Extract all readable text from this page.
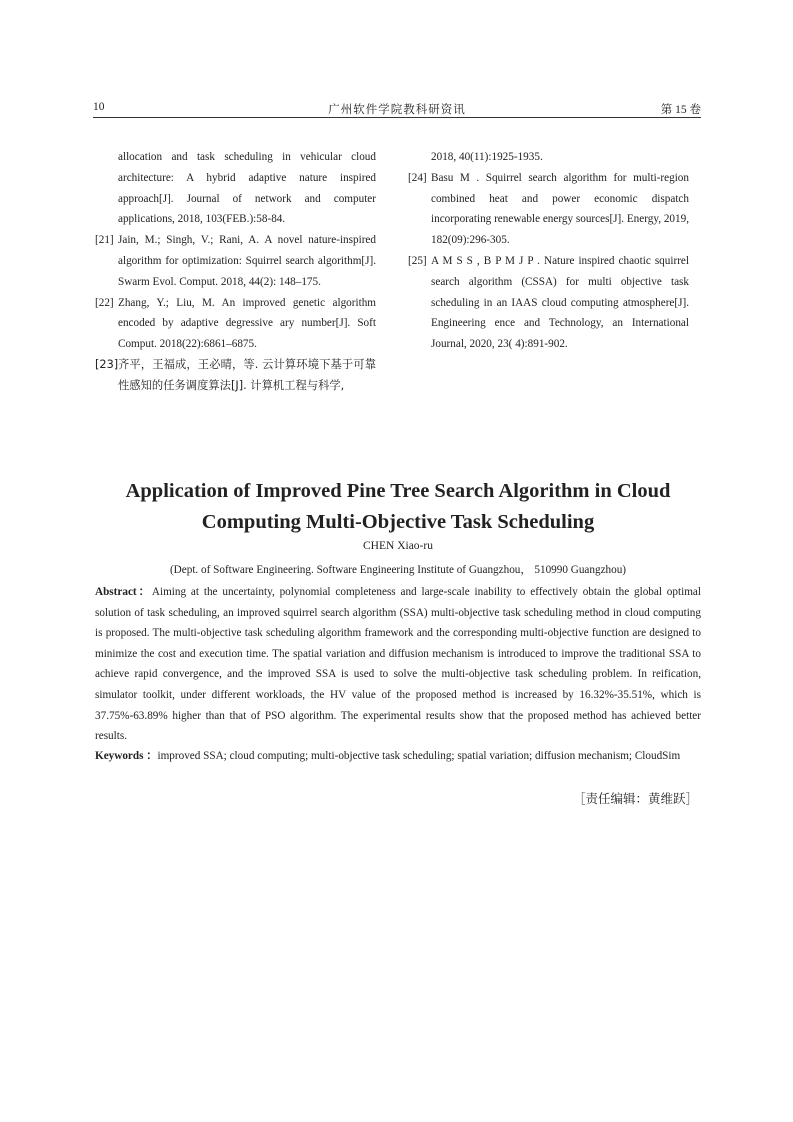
10	广州软件学院教科研资讯	第 15 卷
allocation and task scheduling in vehicular cloud architecture: A hybrid adaptive nature inspired approach[J]. Journal of network and computer applications, 2018, 103(FEB.):58-84.
[21] Jain, M.; Singh, V.; Rani, A. A novel nature-inspired algorithm for optimization: Squirrel search algorithm[J]. Swarm Evol. Comput. 2018, 44(2): 148–175.
[22] Zhang, Y.; Liu, M. An improved genetic algorithm encoded by adaptive degressive ary number[J]. Soft Comput. 2018(22):6861–6875.
[23] 齐平，王福成，王必晴，等. 云计算环境下基于可靠性感知的任务调度算法[J]. 计算机工程与科学,
2018, 40(11):1925-1935.
[24] Basu M . Squirrel search algorithm for multi-region combined heat and power economic dispatch incorporating renewable energy sources[J]. Energy, 2019, 182(09):296-305.
[25] A M S S , B P M J P . Nature inspired chaotic squirrel search algorithm (CSSA) for multi objective task scheduling in an IAAS cloud computing atmosphere[J]. Engineering ence and Technology, an International Journal, 2020, 23( 4):891-902.
Application of Improved Pine Tree Search Algorithm in Cloud
Computing Multi-Objective Task Scheduling
CHEN Xiao-ru
(Dept. of Software Engineering. Software Engineering Institute of Guangzhou， 510990 Guangzhou)
Abstract：Aiming at the uncertainty, polynomial completeness and large-scale inability to effectively obtain the global optimal solution of task scheduling, an improved squirrel search algorithm (SSA) multi-objective task scheduling method in cloud computing is proposed. The multi-objective task scheduling algorithm framework and the corresponding multi-objective function are designed to minimize the cost and execution time. The spatial variation and diffusion mechanism is introduced to improve the traditional SSA to achieve rapid convergence, and the improved SSA is used to solve the multi-objective task scheduling problem. In reification, simulator toolkit, under different workloads, the HV value of the proposed method is increased by 16.32%-35.51%, which is 37.75%-63.89% higher than that of PSO algorithm. The experimental results show that the proposed method has achieved better results.
Keywords ：improved SSA; cloud computing; multi-objective task scheduling; spatial variation; diffusion mechanism; CloudSim
［责任编辑：黄维跃］
